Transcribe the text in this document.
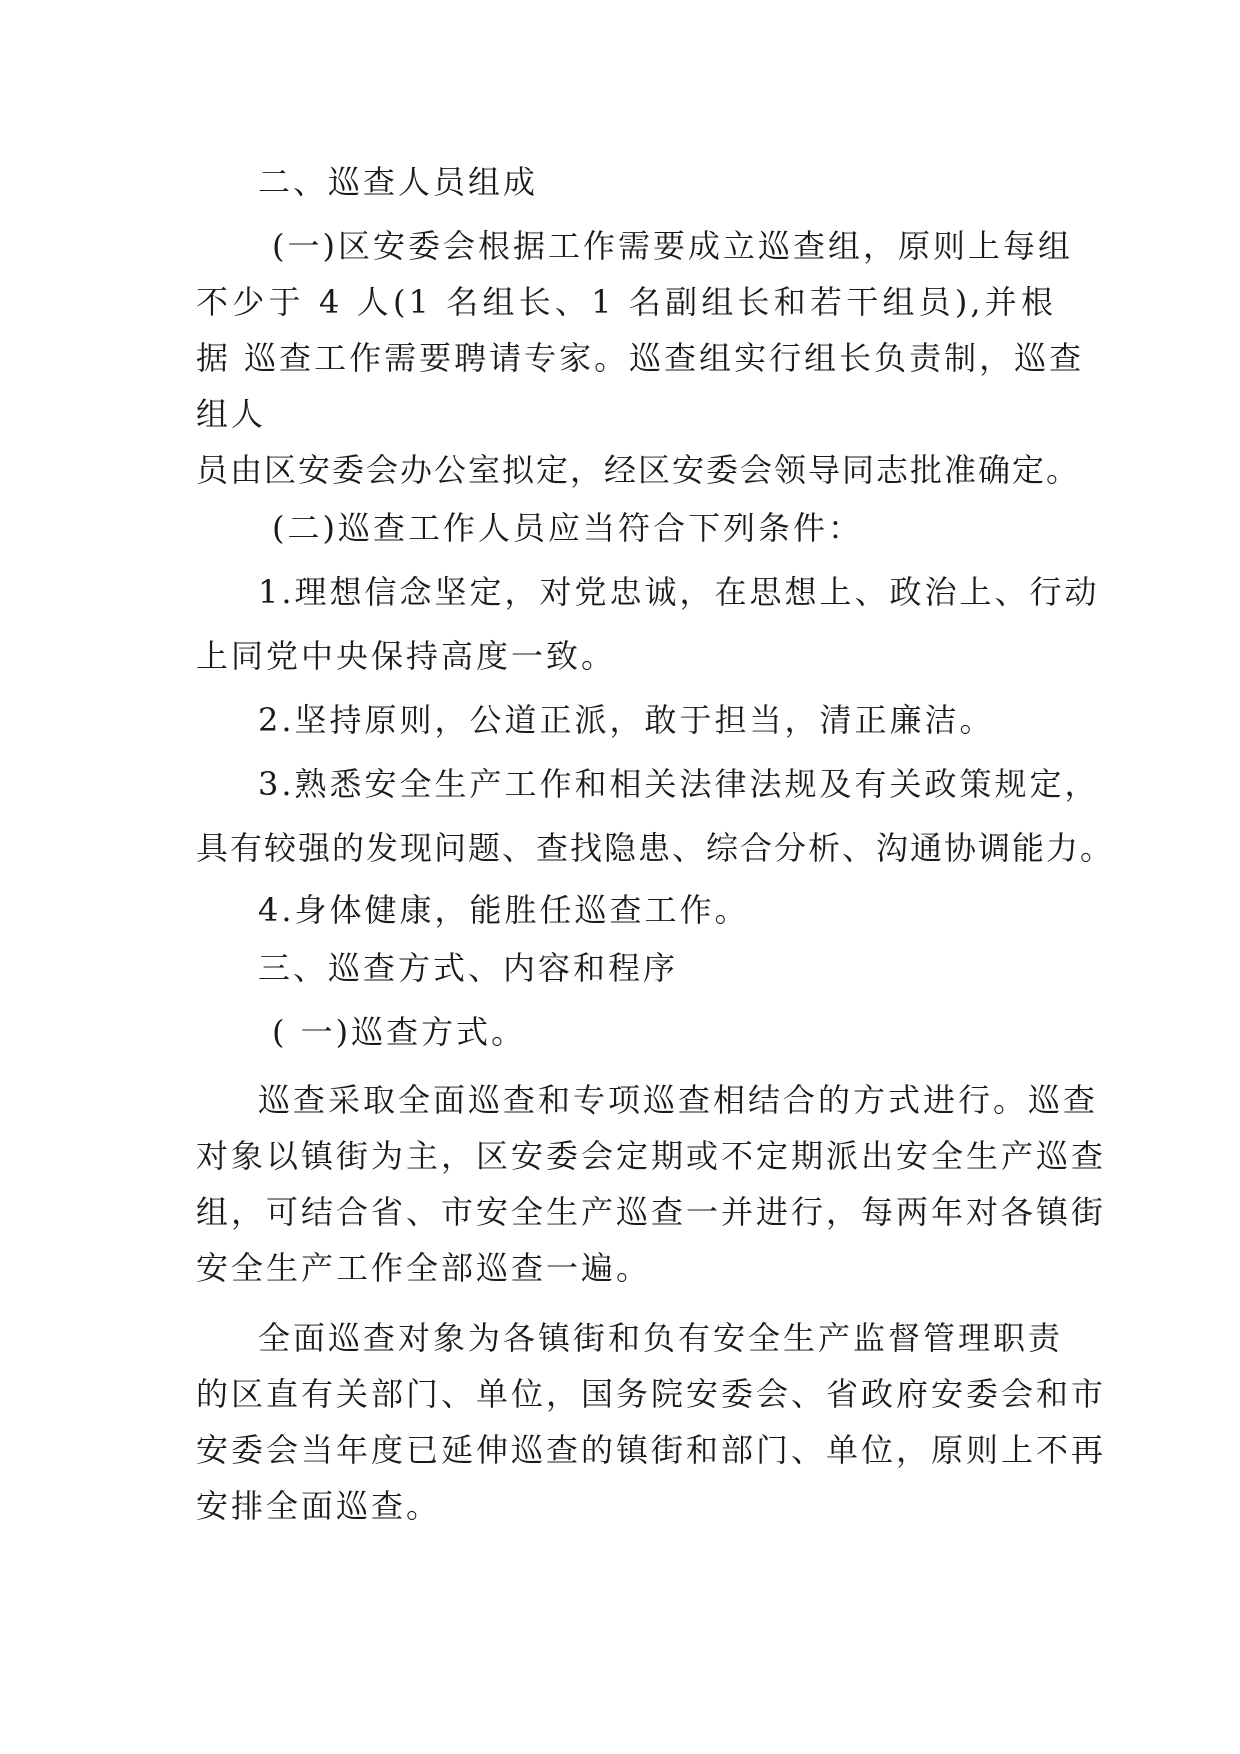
二、巡查人员组成
(一)区安委会根据工作需要成立巡查组，原则上每组
不少于 4 人(1 名组长、1 名副组长和若干组员),并根
据 巡查工作需要聘请专家。巡查组实行组长负责制，巡查
组人
员由区安委会办公室拟定，经区安委会领导同志批准确定。
(二)巡查工作人员应当符合下列条件：
1.理想信念坚定，对党忠诚，在思想上、政治上、行动
上同党中央保持高度一致。
2.坚持原则，公道正派，敢于担当，清正廉洁。
3.熟悉安全生产工作和相关法律法规及有关政策规定，
具有较强的发现问题、查找隐患、综合分析、沟通协调能力。
4.身体健康，能胜任巡查工作。
三、巡查方式、内容和程序
( 一)巡查方式。
巡查采取全面巡查和专项巡查相结合的方式进行。巡查
对象以镇街为主，区安委会定期或不定期派出安全生产巡查
组，可结合省、市安全生产巡查一并进行，每两年对各镇街
安全生产工作全部巡查一遍。
全面巡查对象为各镇街和负有安全生产监督管理职责
的区直有关部门、单位，国务院安委会、省政府安委会和市
安委会当年度已延伸巡查的镇街和部门、单位，原则上不再
安排全面巡查。
